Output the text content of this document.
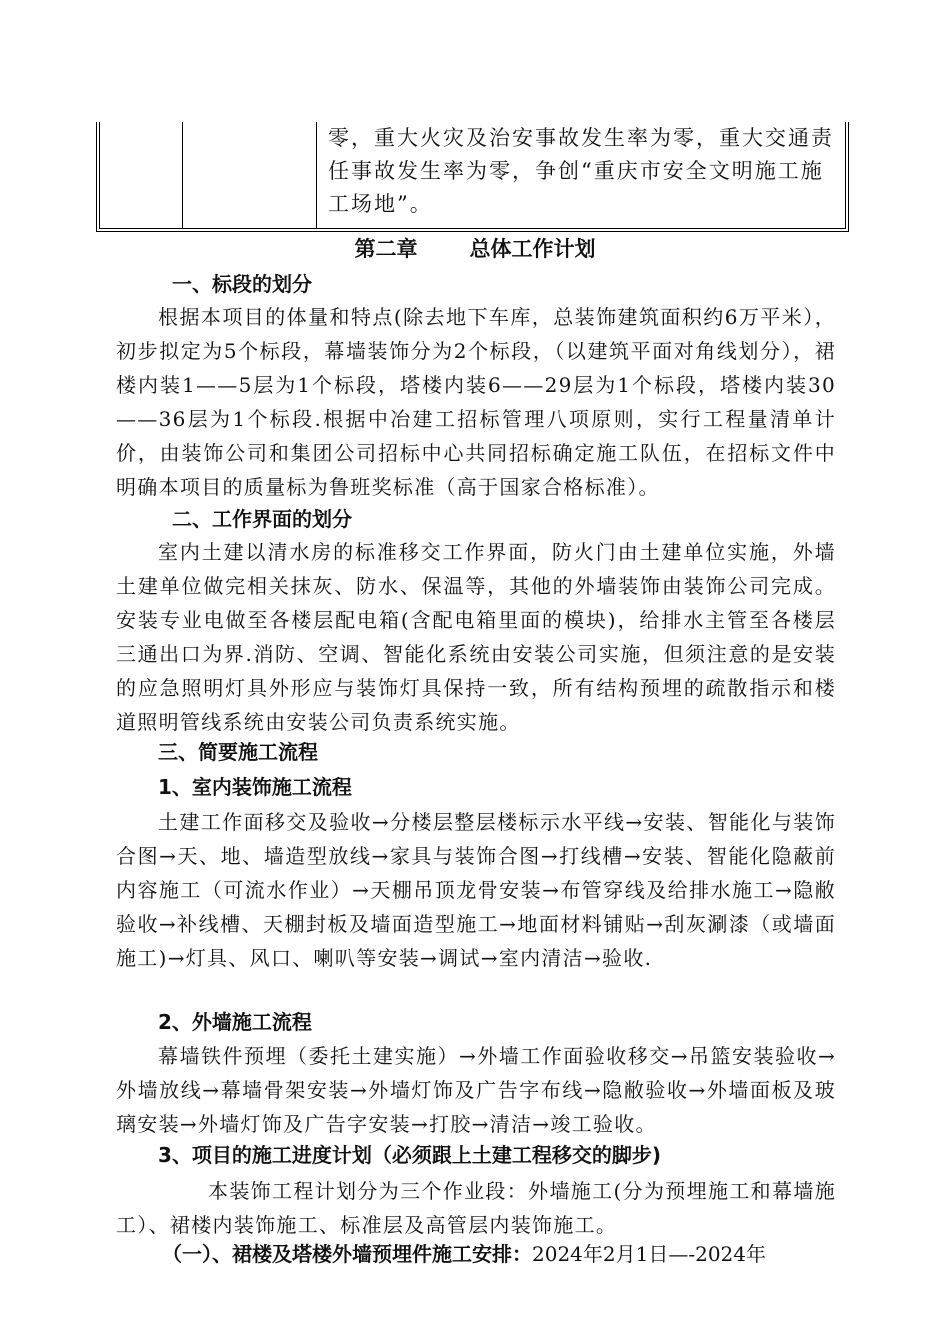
零，重大火灾及治安事故发生率为零，重大交通责任事故发生率为零，争创“重庆市安全文明施工施工场地”。
第二章 总体工作计划
一、标段的划分
根据本项目的体量和特点(除去地下车库，总装饰建筑面积约6万平米），初步拟定为5个标段，幕墙装饰分为2个标段，（以建筑平面对角线划分），裙楼内装1——5层为1个标段，塔楼内装6——29层为1个标段，塔楼内装30——36层为1个标段.根据中冶建工招标管理八项原则，实行工程量清单计价，由装饰公司和集团公司招标中心共同招标确定施工队伍，在招标文件中明确本项目的质量标为鲁班奖标准（高于国家合格标准）。
二、工作界面的划分
室内土建以清水房的标准移交工作界面，防火门由土建单位实施，外墙土建单位做完相关抹灰、防水、保温等，其他的外墙装饰由装饰公司完成。安装专业电做至各楼层配电箱(含配电箱里面的模块)，给排水主管至各楼层三通出口为界.消防、空调、智能化系统由安装公司实施，但须注意的是安装的应急照明灯具外形应与装饰灯具保持一致，所有结构预埋的疏散指示和楼道照明管线系统由安装公司负责系统实施。
三、简要施工流程
1、室内装饰施工流程
土建工作面移交及验收→分楼层整层楼标示水平线→安装、智能化与装饰合图→天、地、墙造型放线→家具与装饰合图→打线槽→安装、智能化隐蔽前内容施工（可流水作业）→天棚吊顶龙骨安装→布管穿线及给排水施工→隐敝验收→补线槽、天棚封板及墙面造型施工→地面材料铺贴→刮灰涮漆（或墙面施工)→灯具、风口、喇叭等安装→调试→室内清洁→验收.
2、外墙施工流程
幕墙铁件预埋（委托土建实施）→外墙工作面验收移交→吊篮安装验收→外墙放线→幕墙骨架安装→外墙灯饰及广告字布线→隐敝验收→外墙面板及玻璃安装→外墙灯饰及广告字安装→打胶→清洁→竣工验收。
3、项目的施工进度计划（必须跟上土建工程移交的脚步)
本装饰工程计划分为三个作业段：外墙施工(分为预埋施工和幕墙施工）、裙楼内装饰施工、标准层及高管层内装饰施工。
（一）、裙楼及塔楼外墙预埋件施工安排：2024年2月1日—-2024年
